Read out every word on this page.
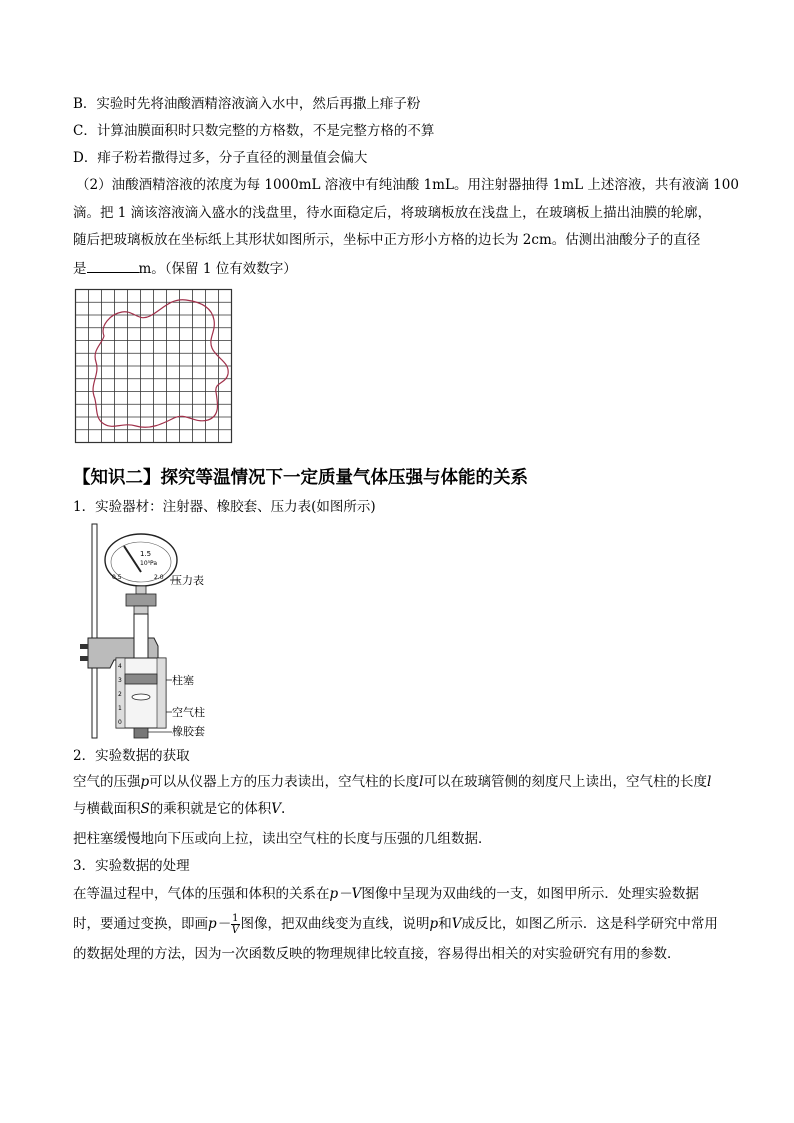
B．实验时先将油酸酒精溶液滴入水中，然后再撒上痱子粉
C．计算油膜面积时只数完整的方格数，不是完整方格的不算
D．痱子粉若撒得过多，分子直径的测量值会偏大
（2）油酸酒精溶液的浓度为每 1000mL 溶液中有纯油酸 1mL。用注射器抽得 1mL 上述溶液，共有液滴 100
滴。把 1 滴该溶液滴入盛水的浅盘里，待水面稳定后，将玻璃板放在浅盘上，在玻璃板上描出油膜的轮廓，
随后把玻璃板放在坐标纸上其形状如图所示，坐标中正方形小方格的边长为 2cm。估测出油酸分子的直径
是	m。（保留 1 位有效数字）
【知识二】探究等温情况下一定质量气体压强与体能的关系
1．实验器材：注射器、橡胶套、压力表(如图所示)
1.5
10⁵Pa
0.5	2.0 压力表
4
3
2
1
0
柱塞
空气柱
橡胶套
2．实验数据的获取
空气的压强p可以从仪器上方的压力表读出，空气柱的长度l可以在玻璃管侧的刻度尺上读出，空气柱的长度l与横截面积S的乘积就是它的体积V.
把柱塞缓慢地向下压或向上拉，读出空气柱的长度与压强的几组数据．
3．实验数据的处理
在等温过程中，气体的压强和体积的关系在p－V图像中呈现为双曲线的一支，如图甲所示．处理实验数据时，要通过变换，即画$p- \frac{1}{V}$ 图像，把双曲线变为直线，说明p和V成反比，如图乙所示．这是科学研究中常用的数据处理的方法，因为一次函数反映的物理规律比较直接，容易得出相关的对实验研究有用的参数．
